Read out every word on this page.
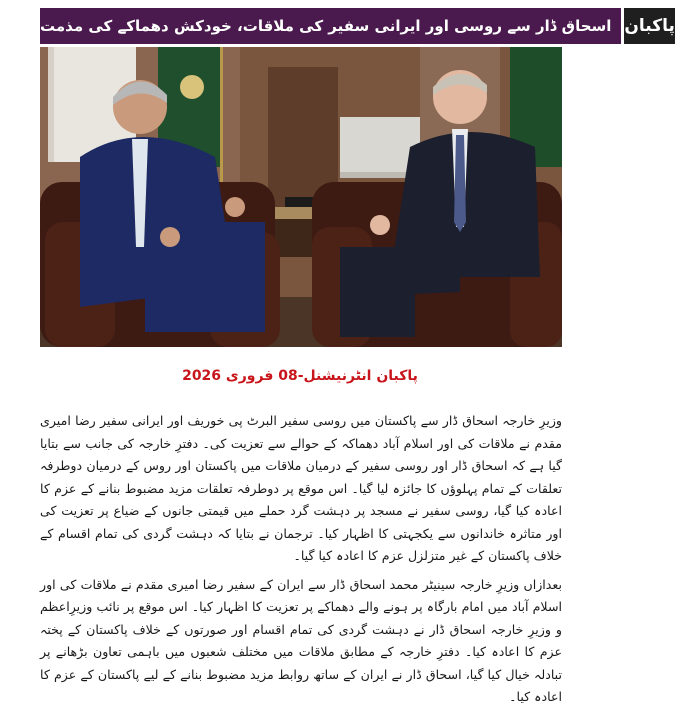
اسحاق ڈار سے روسی اور ایرانی سفیر کی ملاقات، خودکش دھماکے کی مذمت پاکبان
پاکبان انٹرنیشنل-08 فروری 2026

وزیرِ خارجہ اسحاق ڈار سے پاکستان میں روسی سفیر البرٹ پی خوریف اور ایرانی سفیر رضا امیری مقدم نے ملاقات کی اور اسلام آباد دھماکہ کے حوالے سے تعزیت کی۔ دفترِ خارجہ کی جانب سے بتایا گیا ہے کہ اسحاق ڈار اور روسی سفیر کے درمیان ملاقات میں پاکستان اور روس کے درمیان دوطرفہ تعلقات کے تمام پہلوؤں کا جائزہ لیا گیا۔ اس موقع پر دوطرفہ تعلقات مزید مضبوط بنانے کے عزم کا اعادہ کیا گیا، روسی سفیر نے مسجد پر دہشت گرد حملے میں قیمتی جانوں کے ضیاع پر تعزیت کی اور متاثرہ خاندانوں سے یکجہتی کا اظہار کیا۔ ترجمان نے بتایا کہ دہشت گردی کی تمام اقسام کے خلاف پاکستان کے غیر متزلزل عزم کا اعادہ کیا گیا۔

بعدازاں وزیرِ خارجہ سینیٹر محمد اسحاق ڈار سے ایران کے سفیر رضا امیری مقدم نے ملاقات کی اور اسلام آباد میں امام بارگاہ پر ہونے والے دھماکے پر تعزیت کا اظہار کیا۔ اس موقع پر نائب وزیرِاعظم و وزیرِ خارجہ اسحاق ڈار نے دہشت گردی کی تمام اقسام اور صورتوں کے خلاف پاکستان کے پختہ عزم کا اعادہ کیا۔ دفترِ خارجہ کے مطابق ملاقات میں مختلف شعبوں میں باہمی تعاون بڑھانے پر تبادلہ خیال کیا گیا، اسحاق ڈار نے ایران کے ساتھ روابط مزید مضبوط بنانے کے لیے پاکستان کے عزم کا اعادہ کیا۔
